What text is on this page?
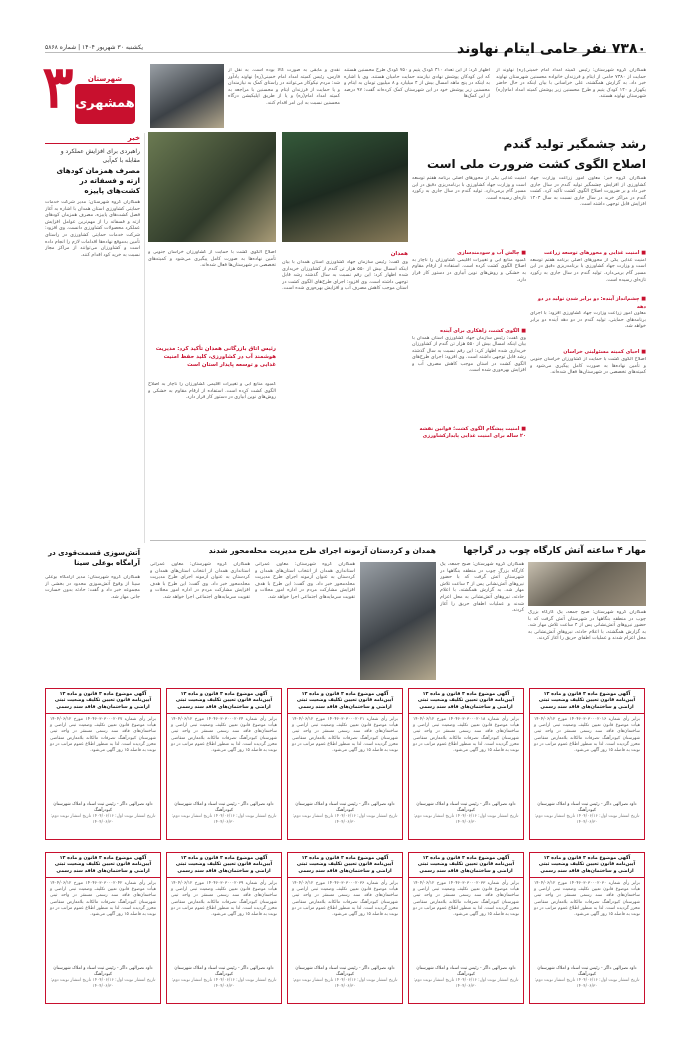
یکشنبه ۳۰ شهریور ۱۴۰۴ | شماره ۵۸۶۸
۳	شهرستان
همشهری
۷۳۸۰ نفر حامی ایتام نهاوند
همکاران گروه شهرستان: رئیس کمیته امداد امام خمینی(ره) نهاوند از حمایت از ۷۳۸۰ حامی از ایتام و فرزندان خانواده محسنین شهرستان نهاوند خبر داد. به گزارش همگشته، علی خراسانی با بیان اینکه در حال حاضر یکهزار و ۱۴۰ کودک یتیم و طرح محسنین زیر پوشش کمیته امداد امام(ره) شهرستان نهاوند هستند.
اظهار کرد: از این تعداد ۳۱۰ کودک یتیم و ۷۵۰ کودک طرح محسنین هستند که این کودکان پوشش نهادی نیازمند حمایت حامیان هستند. وی با اشاره به اینکه در پنج ماهه امسال بیش از ۴ میلیارد و ۸ میلیون تومان به ایتام و محسنین زیر پوشش خود در این شهرستان کمک کرده‌اند گفت: ۹۷ درصد از این کمک‌ها
نقدی و مابقی به صورت کالا بوده است. به نقل از فارس، رئیس کمیته امداد امام خمینی(ره) نهاوند یادآور شد: مردم نیکوکار می‌توانند در راستای کمک به نیازمندان و یا حمایت از فرزندان ایتام و محسنین با مراجعه به کمیته امداد امام(ره) و یا از طریق اپلیکیشن درگاه محسنین نسبت به این امر اقدام کنند.
خبر
راهبردی برای افزایش عملکرد و مقابله با کم‌آبی
مصرف همزمان کودهای ازته و فسفاته در کشت‌های پاییزه
همکاران گروه شهرستان: مدیر شرکت خدمات حمایتی کشاورزی استان همدان با اشاره به آغاز فصل کشت‌های پاییزه، مصرف همزمان کودهای ازته و فسفاته را از مهم‌ترین عوامل افزایش عملکرد محصولات کشاورزی دانست. وی افزود: شرکت خدمات حمایتی کشاورزی در راستای تأمین به‌موقع نهاده‌ها اقدامات لازم را انجام داده است و کشاورزان می‌توانند از مراکز مجاز نسبت به خرید کود اقدام کنند.
رشد چشمگیر تولید گندم
اصلاح الگوی کشت ضرورت ملی است
همکاران گروه خبر: معاون امور زراعت وزارت جهاد کشاورزی از افزایش چشمگیر تولید گندم در سال جاری خبر داد و بر ضرورت اصلاح الگوی کشت تأکید کرد. کشت گندم در مراکز خرید در سال جاری نسبت به سال ۱۴۰۳ افزایش قابل توجهی داشته است.
امنیت غذایی یکی از محورهای اصلی برنامه هفتم توسعه است و وزارت جهاد کشاورزی با برنامه‌ریزی دقیق در این مسیر گام برمی‌دارد. تولید گندم در سال جاری به رکورد تازه‌ای رسیده است.
■ امنیت غذایی و محورهای توسعه زراعت
امنیت غذایی یکی از محورهای اصلی برنامه هفتم توسعه است و وزارت جهاد کشاورزی با برنامه‌ریزی دقیق در این مسیر گام برمی‌دارد. تولید گندم در سال جاری به رکورد تازه‌ای رسیده است.
■ چشم‌انداز آینده: دو برابر شدن تولید در دو دهه
معاون امور زراعت وزارت جهاد کشاورزی افزود: با اجرای برنامه‌های حمایتی، تولید گندم در دو دهه آینده دو برابر خواهد شد.
■ احیای کمیته مسئولیتی خراسان
اصلاح الگوی کشت با حمایت از کشاورزان خراسان جنوبی و تأمین نهاده‌ها به صورت کامل پیگیری می‌شود و کمیته‌های تخصصی در شهرستان‌ها فعال شده‌اند.
■ چالش آب و سودمندسازی
کمبود منابع آبی و تغییرات اقلیمی کشاورزان را ناچار به اصلاح الگوی کشت کرده است. استفاده از ارقام مقاوم به خشکی و روش‌های نوین آبیاری در دستور کار قرار دارد.
■ الگوی کشت، زاهکاری برای آینده
وی گفت: رئیس سازمان جهاد کشاورزی استان همدان با بیان اینکه امسال بیش از ۵۵۰ هزار تن گندم از کشاورزان خریداری شده اظهار کرد: این رقم نسبت به سال گذشته رشد قابل توجهی داشته است. وی افزود: اجرای طرح‌های الگوی کشت در استان موجب کاهش مصرف آب و افزایش بهره‌وری شده است.
■ امنیت پیشگام الگوی کشت؛ قوانین نقشه ۲۰ ساله برای امنیت غذایی پایدارکشاورزی
همدان
وی گفت: رئیس سازمان جهاد کشاورزی استان همدان با بیان اینکه امسال بیش از ۵۵۰ هزار تن گندم از کشاورزان خریداری شده اظهار کرد: این رقم نسبت به سال گذشته رشد قابل توجهی داشته است. وی افزود: اجرای طرح‌های الگوی کشت در استان موجب کاهش مصرف آب و افزایش بهره‌وری شده است.
اصلاح الگوی کشت با حمایت از کشاورزان خراسان جنوبی و تأمین نهاده‌ها به صورت کامل پیگیری می‌شود و کمیته‌های تخصصی در شهرستان‌ها فعال شده‌اند.
رئیس اتاق بازرگانی همدان تأکید کرد: مدیریت هوشمند آب در کشاورزی، کلید حفظ امنیت غذایی و توسعه پایدار استان است
کمبود منابع آبی و تغییرات اقلیمی کشاورزان را ناچار به اصلاح الگوی کشت کرده است. استفاده از ارقام مقاوم به خشکی و روش‌های نوین آبیاری در دستور کار قرار دارد.
مهار ۴ ساعته آتش کارگاه چوب در گراجها
همکاران گروه شهرستان: صبح جمعه، یک کارگاه بزرگ چوب در منطقه بنگاهها در شهرستان آتش گرفت که با حضور نیروهای آتش‌نشانی پس از ۴ ساعت تلاش مهار شد. به گزارش همگشته، با اعلام حادثه، نیروهای آتش‌نشانی به محل اعزام شدند و عملیات اطفای حریق را آغاز کردند.
همکاران گروه شهرستان: صبح جمعه، یک کارگاه بزرگ چوب در منطقه بنگاهها در شهرستان آتش گرفت که با حضور نیروهای آتش‌نشانی پس از ۴ ساعت تلاش مهار شد. به گزارش همگشته، با اعلام حادثه، نیروهای آتش‌نشانی به محل اعزام شدند و عملیات اطفای حریق را آغاز کردند.
همدان و کردستان آزمونه اجرای طرح مدیریت محله‌محور شدند
همکاران گروه شهرستان: معاون عمرانی استانداری همدان از انتخاب استان‌های همدان و کردستان به عنوان آزمونه اجرای طرح مدیریت محله‌محور خبر داد. وی گفت: این طرح با هدف افزایش مشارکت مردم در اداره امور محلات و تقویت سرمایه‌های اجتماعی اجرا خواهد شد.
همکاران گروه شهرستان: معاون عمرانی استانداری همدان از انتخاب استان‌های همدان و کردستان به عنوان آزمونه اجرای طرح مدیریت محله‌محور خبر داد. وی گفت: این طرح با هدف افزایش مشارکت مردم در اداره امور محلات و تقویت سرمایه‌های اجتماعی اجرا خواهد شد.
آتش‌سوزی قسمت‌قودی در آرامگاه بوعلی سینا
همکاران گروه شهرستان: مدیر آرامگاه بوعلی سینا از وقوع آتش‌سوزی محدود در بخشی از مجموعه خبر داد و گفت: حادثه بدون خسارت جانی مهار شد.
آگهی موضوع ماده ۳ قانون و ماده ۱۳ آیین‌نامه قانون تعیین تکلیف وضعیت ثبتی اراضی و ساختمان‌های فاقد سند رسمی
برابر رأی شماره ۱۴۰۴۶۰۳۰۳۰۰۰۲۰۱۶ مورخ ۱۴۰۴/۰۶/۱۲ هیأت موضوع قانون تعیین تکلیف وضعیت ثبتی اراضی و ساختمان‌های فاقد سند رسمی مستقر در واحد ثبتی شهرستان کبودرآهنگ تصرفات مالکانه بلامعارض متقاضی محرز گردیده است. لذا به منظور اطلاع عموم مراتب در دو نوبت به فاصله ۱۵ روز آگهی می‌شود.
داود نصرالهی داگر - رئیس ثبت اسناد و املاک شهرستان کبودرآهنگ
تاریخ انتشار نوبت اول: ۱۴۰۴/۰۶/۱۶ تاریخ انتشار نوبت دوم: ۱۴۰۴/۰۶/۳۰
آگهی موضوع ماده ۳ قانون و ماده ۱۳ آیین‌نامه قانون تعیین تکلیف وضعیت ثبتی اراضی و ساختمان‌های فاقد سند رسمی
برابر رأی شماره ۱۴۰۴۶۰۳۰۳۰۰۰۲۰۱۸ مورخ ۱۴۰۴/۰۶/۱۲ هیأت موضوع قانون تعیین تکلیف وضعیت ثبتی اراضی و ساختمان‌های فاقد سند رسمی مستقر در واحد ثبتی شهرستان کبودرآهنگ تصرفات مالکانه بلامعارض متقاضی محرز گردیده است. لذا به منظور اطلاع عموم مراتب در دو نوبت به فاصله ۱۵ روز آگهی می‌شود.
داود نصرالهی داگر - رئیس ثبت اسناد و املاک شهرستان کبودرآهنگ
تاریخ انتشار نوبت اول: ۱۴۰۴/۰۶/۱۶ تاریخ انتشار نوبت دوم: ۱۴۰۴/۰۶/۳۰
آگهی موضوع ماده ۳ قانون و ماده ۱۳ آیین‌نامه قانون تعیین تکلیف وضعیت ثبتی اراضی و ساختمان‌های فاقد سند رسمی
برابر رأی شماره ۱۴۰۴۶۰۳۰۳۰۰۰۲۰۲۱ مورخ ۱۴۰۴/۰۶/۱۲ هیأت موضوع قانون تعیین تکلیف وضعیت ثبتی اراضی و ساختمان‌های فاقد سند رسمی مستقر در واحد ثبتی شهرستان کبودرآهنگ تصرفات مالکانه بلامعارض متقاضی محرز گردیده است. لذا به منظور اطلاع عموم مراتب در دو نوبت به فاصله ۱۵ روز آگهی می‌شود.
داود نصرالهی داگر - رئیس ثبت اسناد و املاک شهرستان کبودرآهنگ
تاریخ انتشار نوبت اول: ۱۴۰۴/۰۶/۱۶ تاریخ انتشار نوبت دوم: ۱۴۰۴/۰۶/۳۰
آگهی موضوع ماده ۳ قانون و ماده ۱۳ آیین‌نامه قانون تعیین تکلیف وضعیت ثبتی اراضی و ساختمان‌های فاقد سند رسمی
برابر رأی شماره ۱۴۰۴۶۰۳۰۳۰۰۰۲۰۲۴ مورخ ۱۴۰۴/۰۶/۱۲ هیأت موضوع قانون تعیین تکلیف وضعیت ثبتی اراضی و ساختمان‌های فاقد سند رسمی مستقر در واحد ثبتی شهرستان کبودرآهنگ تصرفات مالکانه بلامعارض متقاضی محرز گردیده است. لذا به منظور اطلاع عموم مراتب در دو نوبت به فاصله ۱۵ روز آگهی می‌شود.
داود نصرالهی داگر - رئیس ثبت اسناد و املاک شهرستان کبودرآهنگ
تاریخ انتشار نوبت اول: ۱۴۰۴/۰۶/۱۶ تاریخ انتشار نوبت دوم: ۱۴۰۴/۰۶/۳۰
آگهی موضوع ماده ۳ قانون و ماده ۱۳ آیین‌نامه قانون تعیین تکلیف وضعیت ثبتی اراضی و ساختمان‌های فاقد سند رسمی
برابر رأی شماره ۱۴۰۴۶۰۳۰۳۰۰۰۲۰۲۷ مورخ ۱۴۰۴/۰۶/۱۲ هیأت موضوع قانون تعیین تکلیف وضعیت ثبتی اراضی و ساختمان‌های فاقد سند رسمی مستقر در واحد ثبتی شهرستان کبودرآهنگ تصرفات مالکانه بلامعارض متقاضی محرز گردیده است. لذا به منظور اطلاع عموم مراتب در دو نوبت به فاصله ۱۵ روز آگهی می‌شود.
داود نصرالهی داگر - رئیس ثبت اسناد و املاک شهرستان کبودرآهنگ
تاریخ انتشار نوبت اول: ۱۴۰۴/۰۶/۱۶ تاریخ انتشار نوبت دوم: ۱۴۰۴/۰۶/۳۰
آگهی موضوع ماده ۳ قانون و ماده ۱۳ آیین‌نامه قانون تعیین تکلیف وضعیت ثبتی اراضی و ساختمان‌های فاقد سند رسمی
برابر رأی شماره ۱۴۰۴۶۰۳۰۳۰۰۰۲۰۳۰ مورخ ۱۴۰۴/۰۶/۱۲ هیأت موضوع قانون تعیین تکلیف وضعیت ثبتی اراضی و ساختمان‌های فاقد سند رسمی مستقر در واحد ثبتی شهرستان کبودرآهنگ تصرفات مالکانه بلامعارض متقاضی محرز گردیده است. لذا به منظور اطلاع عموم مراتب در دو نوبت به فاصله ۱۵ روز آگهی می‌شود.
داود نصرالهی داگر - رئیس ثبت اسناد و املاک شهرستان کبودرآهنگ
تاریخ انتشار نوبت اول: ۱۴۰۴/۰۶/۱۶ تاریخ انتشار نوبت دوم: ۱۴۰۴/۰۶/۳۰
آگهی موضوع ماده ۳ قانون و ماده ۱۳ آیین‌نامه قانون تعیین تکلیف وضعیت ثبتی اراضی و ساختمان‌های فاقد سند رسمی
برابر رأی شماره ۱۴۰۴۶۰۳۰۳۰۰۰۲۰۳۳ مورخ ۱۴۰۴/۰۶/۱۲ هیأت موضوع قانون تعیین تکلیف وضعیت ثبتی اراضی و ساختمان‌های فاقد سند رسمی مستقر در واحد ثبتی شهرستان کبودرآهنگ تصرفات مالکانه بلامعارض متقاضی محرز گردیده است. لذا به منظور اطلاع عموم مراتب در دو نوبت به فاصله ۱۵ روز آگهی می‌شود.
داود نصرالهی داگر - رئیس ثبت اسناد و املاک شهرستان کبودرآهنگ
تاریخ انتشار نوبت اول: ۱۴۰۴/۰۶/۱۶ تاریخ انتشار نوبت دوم: ۱۴۰۴/۰۶/۳۰
آگهی موضوع ماده ۳ قانون و ماده ۱۳ آیین‌نامه قانون تعیین تکلیف وضعیت ثبتی اراضی و ساختمان‌های فاقد سند رسمی
برابر رأی شماره ۱۴۰۴۶۰۳۰۳۰۰۰۲۰۳۶ مورخ ۱۴۰۴/۰۶/۱۲ هیأت موضوع قانون تعیین تکلیف وضعیت ثبتی اراضی و ساختمان‌های فاقد سند رسمی مستقر در واحد ثبتی شهرستان کبودرآهنگ تصرفات مالکانه بلامعارض متقاضی محرز گردیده است. لذا به منظور اطلاع عموم مراتب در دو نوبت به فاصله ۱۵ روز آگهی می‌شود.
داود نصرالهی داگر - رئیس ثبت اسناد و املاک شهرستان کبودرآهنگ
تاریخ انتشار نوبت اول: ۱۴۰۴/۰۶/۱۶ تاریخ انتشار نوبت دوم: ۱۴۰۴/۰۶/۳۰
آگهی موضوع ماده ۳ قانون و ماده ۱۳ آیین‌نامه قانون تعیین تکلیف وضعیت ثبتی اراضی و ساختمان‌های فاقد سند رسمی
برابر رأی شماره ۱۴۰۴۶۰۳۰۳۰۰۰۲۰۳۹ مورخ ۱۴۰۴/۰۶/۱۲ هیأت موضوع قانون تعیین تکلیف وضعیت ثبتی اراضی و ساختمان‌های فاقد سند رسمی مستقر در واحد ثبتی شهرستان کبودرآهنگ تصرفات مالکانه بلامعارض متقاضی محرز گردیده است. لذا به منظور اطلاع عموم مراتب در دو نوبت به فاصله ۱۵ روز آگهی می‌شود.
داود نصرالهی داگر - رئیس ثبت اسناد و املاک شهرستان کبودرآهنگ
تاریخ انتشار نوبت اول: ۱۴۰۴/۰۶/۱۶ تاریخ انتشار نوبت دوم: ۱۴۰۴/۰۶/۳۰
آگهی موضوع ماده ۳ قانون و ماده ۱۳ آیین‌نامه قانون تعیین تکلیف وضعیت ثبتی اراضی و ساختمان‌های فاقد سند رسمی
برابر رأی شماره ۱۴۰۴۶۰۳۰۳۰۰۰۲۰۴۲ مورخ ۱۴۰۴/۰۶/۱۲ هیأت موضوع قانون تعیین تکلیف وضعیت ثبتی اراضی و ساختمان‌های فاقد سند رسمی مستقر در واحد ثبتی شهرستان کبودرآهنگ تصرفات مالکانه بلامعارض متقاضی محرز گردیده است. لذا به منظور اطلاع عموم مراتب در دو نوبت به فاصله ۱۵ روز آگهی می‌شود.
داود نصرالهی داگر - رئیس ثبت اسناد و املاک شهرستان کبودرآهنگ
تاریخ انتشار نوبت اول: ۱۴۰۴/۰۶/۱۶ تاریخ انتشار نوبت دوم: ۱۴۰۴/۰۶/۳۰
